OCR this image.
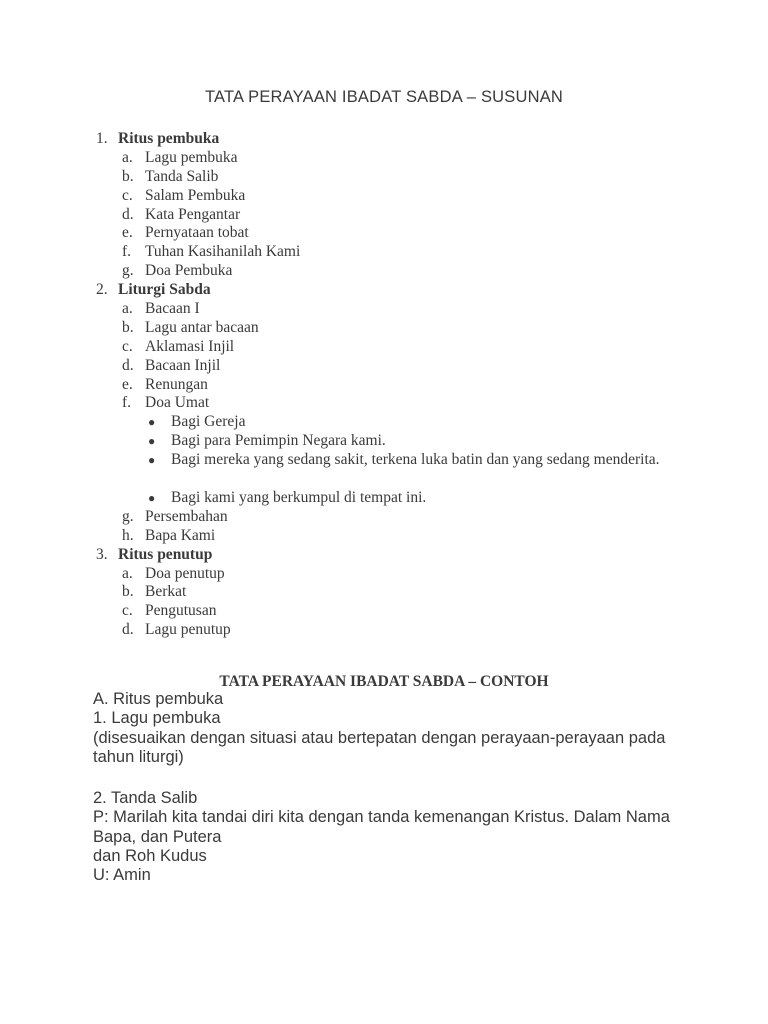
TATA PERAYAAN IBADAT SABDA – SUSUNAN
1. Ritus pembuka
a. Lagu pembuka
b. Tanda Salib
c. Salam Pembuka
d. Kata Pengantar
e. Pernyataan tobat
f. Tuhan Kasihanilah Kami
g. Doa Pembuka
2. Liturgi Sabda
a. Bacaan I
b. Lagu antar bacaan
c. Aklamasi Injil
d. Bacaan Injil
e. Renungan
f. Doa Umat
● Bagi Gereja
● Bagi para Pemimpin Negara kami.
● Bagi mereka yang sedang sakit, terkena luka batin dan yang sedang menderita.
● Bagi kami yang berkumpul di tempat ini.
g. Persembahan
h. Bapa Kami
3. Ritus penutup
a. Doa penutup
b. Berkat
c. Pengutusan
d. Lagu penutup
TATA PERAYAAN IBADAT SABDA – CONTOH

A. Ritus pembuka

1. Lagu pembuka

(disesuaikan dengan situasi atau bertepatan dengan perayaan-perayaan pada tahun liturgi)

2. Tanda Salib

P: Marilah kita tandai diri kita dengan tanda kemenangan Kristus. Dalam Nama Bapa, dan Putera

dan Roh Kudus

U: Amin
